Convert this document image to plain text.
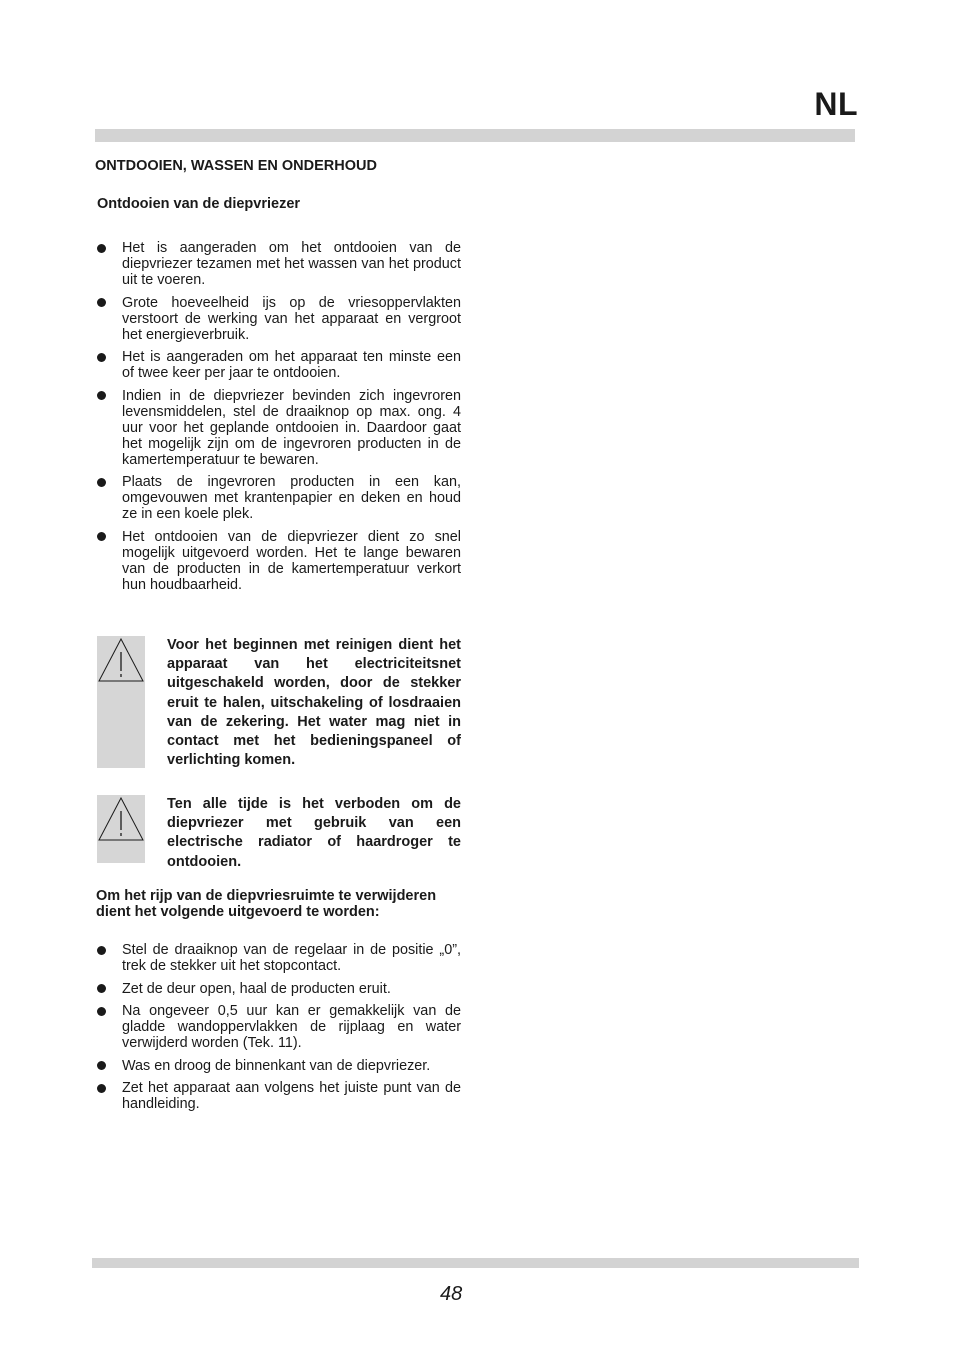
NL
ONTDOOIEN, WASSEN EN ONDERHOUD
Ontdooien van de diepvriezer
Het is aangeraden om het ontdooien van de diepvriezer tezamen met het wassen van het product uit te voeren.
Grote hoeveelheid ijs op de vriesoppervlakten verstoort de werking van het apparaat en vergroot het energieverbruik.
Het is aangeraden om het apparaat ten minste een of twee keer per jaar te ontdooien.
Indien in de diepvriezer bevinden zich ingevroren levensmiddelen, stel de draaiknop op max. ong. 4 uur voor het geplande ontdooien in. Daardoor gaat het mogelijk zijn om de ingevroren producten in de kamertemperatuur te bewaren.
Plaats de ingevroren producten in een kan, omgevouwen met krantenpapier en deken en houd ze in een koele plek.
Het ontdooien van de diepvriezer dient zo snel mogelijk uitgevoerd worden. Het te lange bewaren van de producten in de kamertemperatuur verkort hun houdbaarheid.
Voor het beginnen met reinigen dient het apparaat van het electriciteitsnet uitgeschakeld worden, door de stekker eruit te halen, uitschakeling of losdraaien van de zekering. Het water mag niet in contact met het bedieningspaneel of verlichting komen.
Ten alle tijde is het verboden om de diepvriezer met gebruik van een electrische radiator of haardroger te ontdooien.
Om het rijp van de diepvriesruimte te verwijderen dient het volgende uitgevoerd te worden:
Stel de draaiknop van de regelaar in de positie „0”, trek de stekker uit het stopcontact.
Zet de deur open, haal de producten eruit.
Na ongeveer 0,5 uur kan er gemakkelijk van de gladde wandoppervlakken de rijplaag en water verwijderd worden (Tek. 11).
Was en droog de binnenkant van de diepvriezer.
Zet het apparaat aan volgens het juiste punt van de handleiding.
48
